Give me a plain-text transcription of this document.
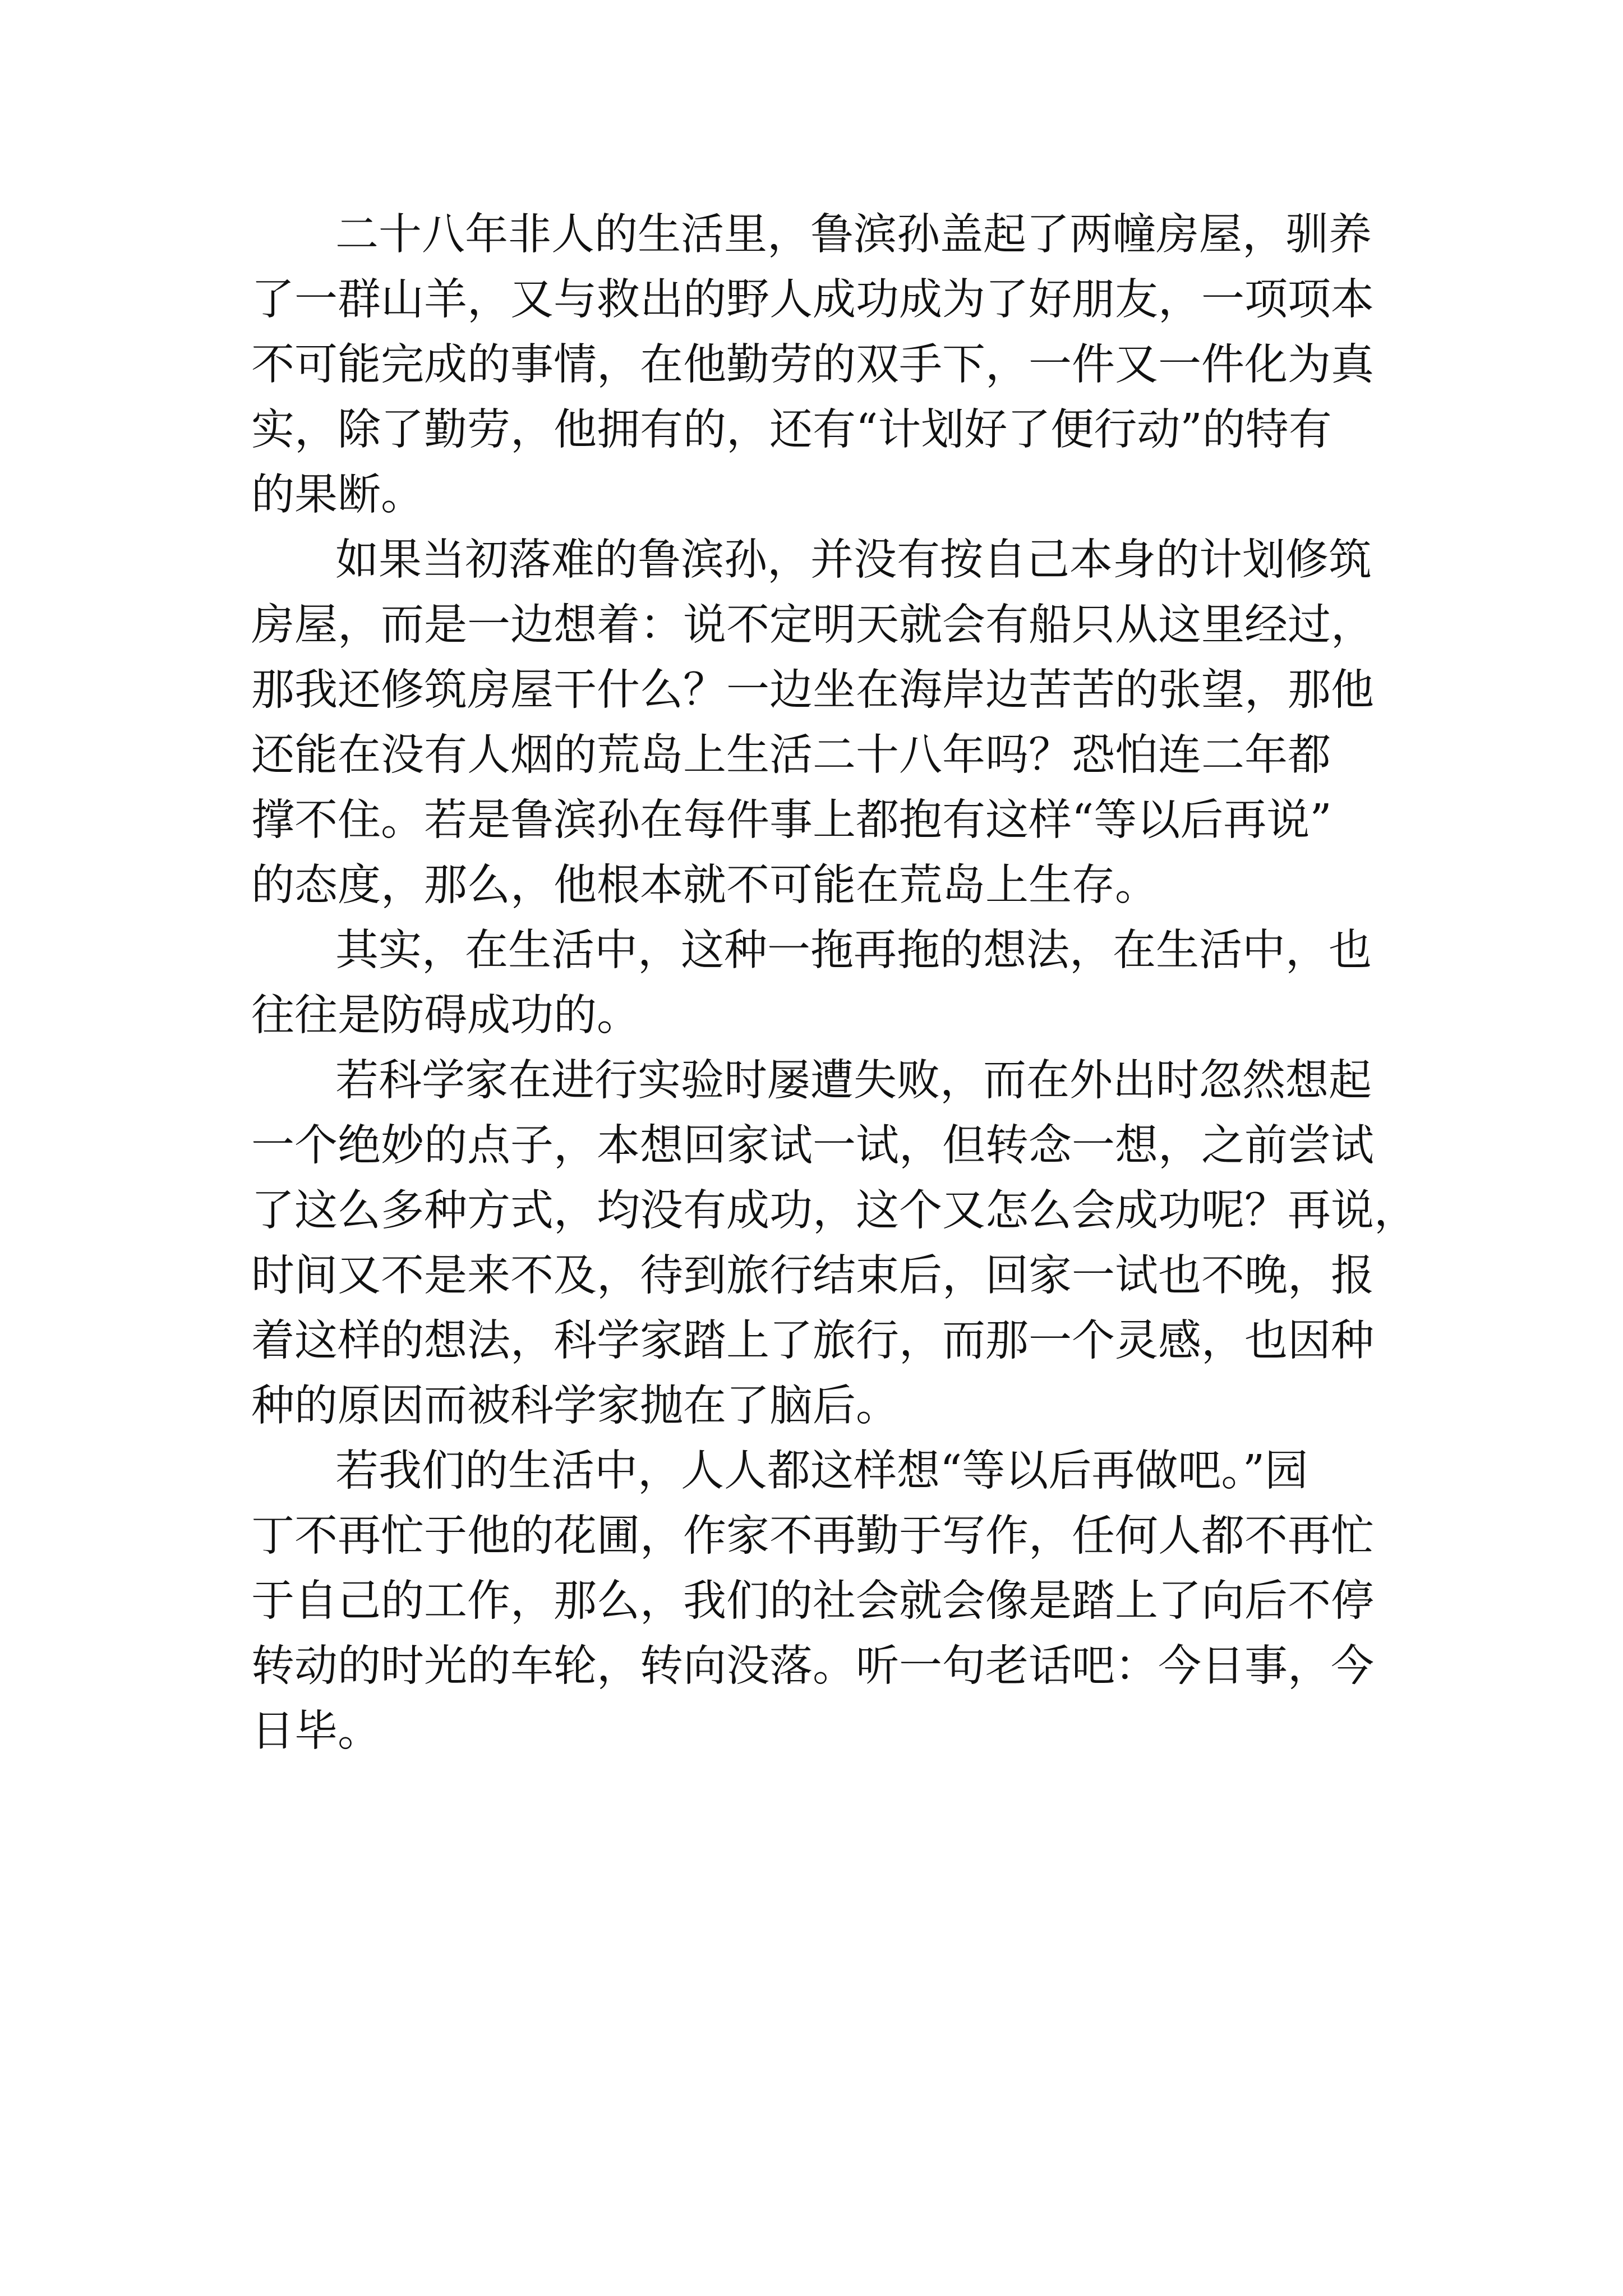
二十八年非人的生活里，鲁滨孙盖起了两幢房屋，驯养
了一群山羊，又与救出的野人成功成为了好朋友，一项项本
不可能完成的事情，在他勤劳的双手下，一件又一件化为真
实，除了勤劳，他拥有的，还有“计划好了便行动”的特有
的果断。
如果当初落难的鲁滨孙，并没有按自己本身的计划修筑
房屋，而是一边想着：说不定明天就会有船只从这里经过，
那我还修筑房屋干什么？一边坐在海岸边苦苦的张望，那他
还能在没有人烟的荒岛上生活二十八年吗？恐怕连二年都
撑不住。若是鲁滨孙在每件事上都抱有这样“等以后再说”
的态度，那么，他根本就不可能在荒岛上生存。
其实，在生活中，这种一拖再拖的想法，在生活中，也
往往是防碍成功的。
若科学家在进行实验时屡遭失败，而在外出时忽然想起
一个绝妙的点子，本想回家试一试，但转念一想，之前尝试
了这么多种方式，均没有成功，这个又怎么会成功呢？再说，
时间又不是来不及，待到旅行结束后，回家一试也不晚，报
着这样的想法，科学家踏上了旅行，而那一个灵感，也因种
种的原因而被科学家抛在了脑后。
若我们的生活中，人人都这样想“等以后再做吧。”园
丁不再忙于他的花圃，作家不再勤于写作，任何人都不再忙
于自己的工作，那么，我们的社会就会像是踏上了向后不停
转动的时光的车轮，转向没落。听一句老话吧：今日事，今
日毕。
